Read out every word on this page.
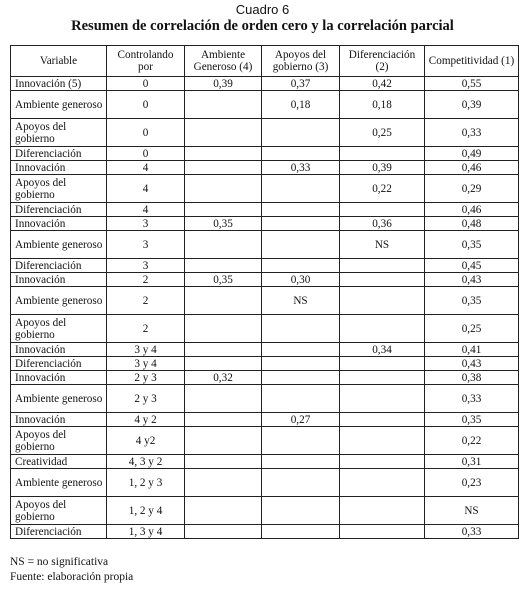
Cuadro 6
Resumen de correlación de orden cero y la correlación parcial
Variable	Controlando por	Ambiente Generoso (4)	Apoyos del gobierno (3)	Diferenciación (2)	Competitividad (1)
Innovación (5)	0	0,39	0,37	0,42	0,55
Ambiente generoso	0		0,18	0,18	0,39
Apoyos del gobierno	0			0,25	0,33
Diferenciación	0				0,49
Innovación	4		0,33	0,39	0,46
Apoyos del gobierno	4			0,22	0,29
Diferenciación	4				0,46
Innovación	3	0,35		0,36	0,48
Ambiente generoso	3			NS	0,35
Diferenciación	3				0,45
Innovación	2	0,35	0,30		0,43
Ambiente generoso	2		NS		0,35
Apoyos del gobierno	2				0,25
Innovación	3 y 4			0,34	0,41
Diferenciación	3 y 4				0,43
Innovación	2 y 3	0,32			0,38
Ambiente generoso	2 y 3				0,33
Innovación	4 y 2		0,27		0,35
Apoyos del gobierno	4 y2				0,22
Creatividad	4, 3 y 2				0,31
Ambiente generoso	1, 2 y 3				0,23
Apoyos del gobierno	1, 2 y 4				NS
Diferenciación	1, 3 y 4				0,33
NS = no significativa
Fuente: elaboración propia
